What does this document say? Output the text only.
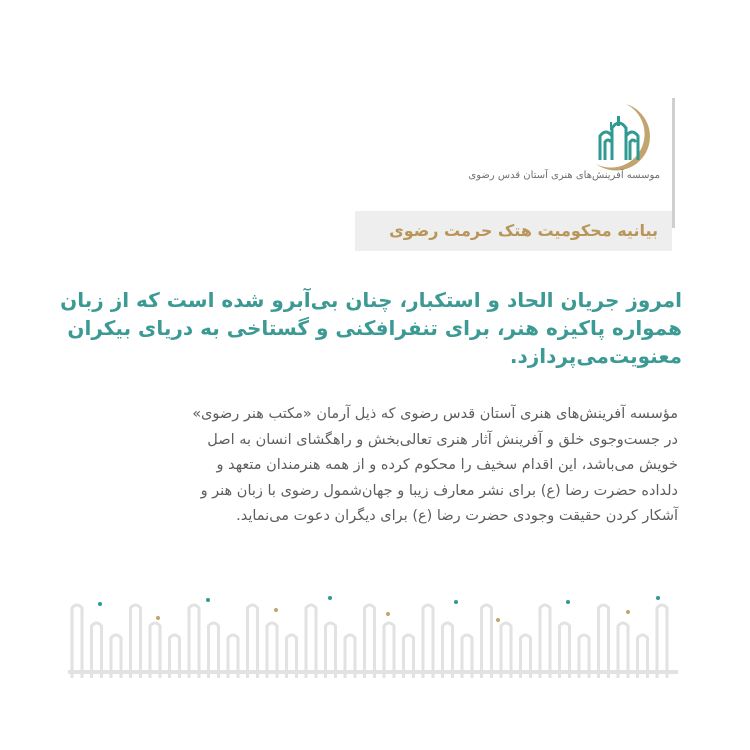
موسسه آفرینش‌های هنری آستان قدس رضوی
بیانیه محکومیت هتک حرمت رضوی
امروز جریان الحاد و استکبار، چنان بی‌آبرو شده است که از زبان
همواره پاکیزه هنر، برای تنفرافکنی و گستاخی به دریای بیکران
معنویت‌می‌پردازد.
مؤسسه آفرینش‌های هنری آستان قدس رضوی که ذیل آرمان «مکتب هنر رضوی»
در جست‌وجوی خلق و آفرینش آثار هنری تعالی‌بخش و راهگشای انسان به اصل
خویش می‌باشد، این اقدام سخیف را محکوم کرده و از همه هنرمندان متعهد و
دلداده حضرت رضا (ع) برای نشر معارف زیبا و جهان‌شمول رضوی با زبان هنر و
آشکار کردن حقیقت وجودی حضرت رضا (ع) برای دیگران دعوت می‌نماید.
